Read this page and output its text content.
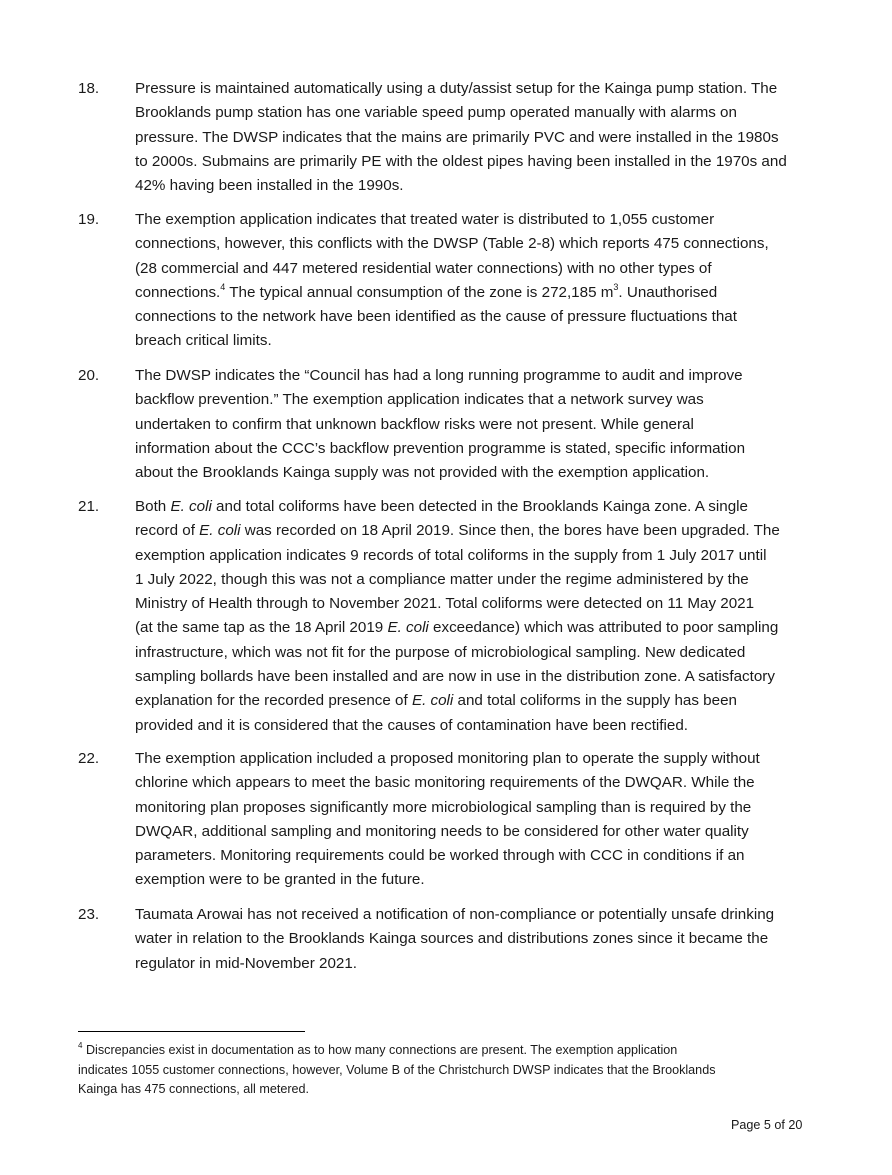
18. Pressure is maintained automatically using a duty/assist setup for the Kainga pump station. The
Brooklands pump station has one variable speed pump operated manually with alarms on
pressure. The DWSP indicates that the mains are primarily PVC and were installed in the 1980s
to 2000s. Submains are primarily PE with the oldest pipes having been installed in the 1970s and
42% having been installed in the 1990s.
19. The exemption application indicates that treated water is distributed to 1,055 customer
connections, however, this conflicts with the DWSP (Table 2-8) which reports 475 connections,
(28 commercial and 447 metered residential water connections) with no other types of
connections.$^4$ The typical annual consumption of the zone is 272,185 $m^3$. Unauthorised
connections to the network have been identified as the cause of pressure fluctuations that
breach critical limits.
20. The DWSP indicates the “Council has had a long running programme to audit and improve
backflow prevention.” The exemption application indicates that a network survey was
undertaken to confirm that unknown backflow risks were not present. While general
information about the CCC’s backflow prevention programme is stated, specific information
about the Brooklands Kainga supply was not provided with the exemption application.
21. Both E. coli and total coliforms have been detected in the Brooklands Kainga zone. A single
record of E. coli was recorded on 18 April 2019. Since then, the bores have been upgraded. The
exemption application indicates 9 records of total coliforms in the supply from 1 July 2017 until
1 July 2022, though this was not a compliance matter under the regime administered by the
Ministry of Health through to November 2021. Total coliforms were detected on 11 May 2021
(at the same tap as the 18 April 2019 E. coli exceedance) which was attributed to poor sampling
infrastructure, which was not fit for the purpose of microbiological sampling. New dedicated
sampling bollards have been installed and are now in use in the distribution zone. A satisfactory
explanation for the recorded presence of E. coli and total coliforms in the supply has been
provided and it is considered that the causes of contamination have been rectified.
22. The exemption application included a proposed monitoring plan to operate the supply without
chlorine which appears to meet the basic monitoring requirements of the DWQAR. While the
monitoring plan proposes significantly more microbiological sampling than is required by the
DWQAR, additional sampling and monitoring needs to be considered for other water quality
parameters. Monitoring requirements could be worked through with CCC in conditions if an
exemption were to be granted in the future.
23. Taumata Arowai has not received a notification of non-compliance or potentially unsafe drinking
water in relation to the Brooklands Kainga sources and distributions zones since it became the
regulator in mid-November 2021.
$^4$ Discrepancies exist in documentation as to how many connections are present. The exemption application
indicates 1055 customer connections, however, Volume B of the Christchurch DWSP indicates that the Brooklands
Kainga has 475 connections, all metered.
Page 5 of 20
